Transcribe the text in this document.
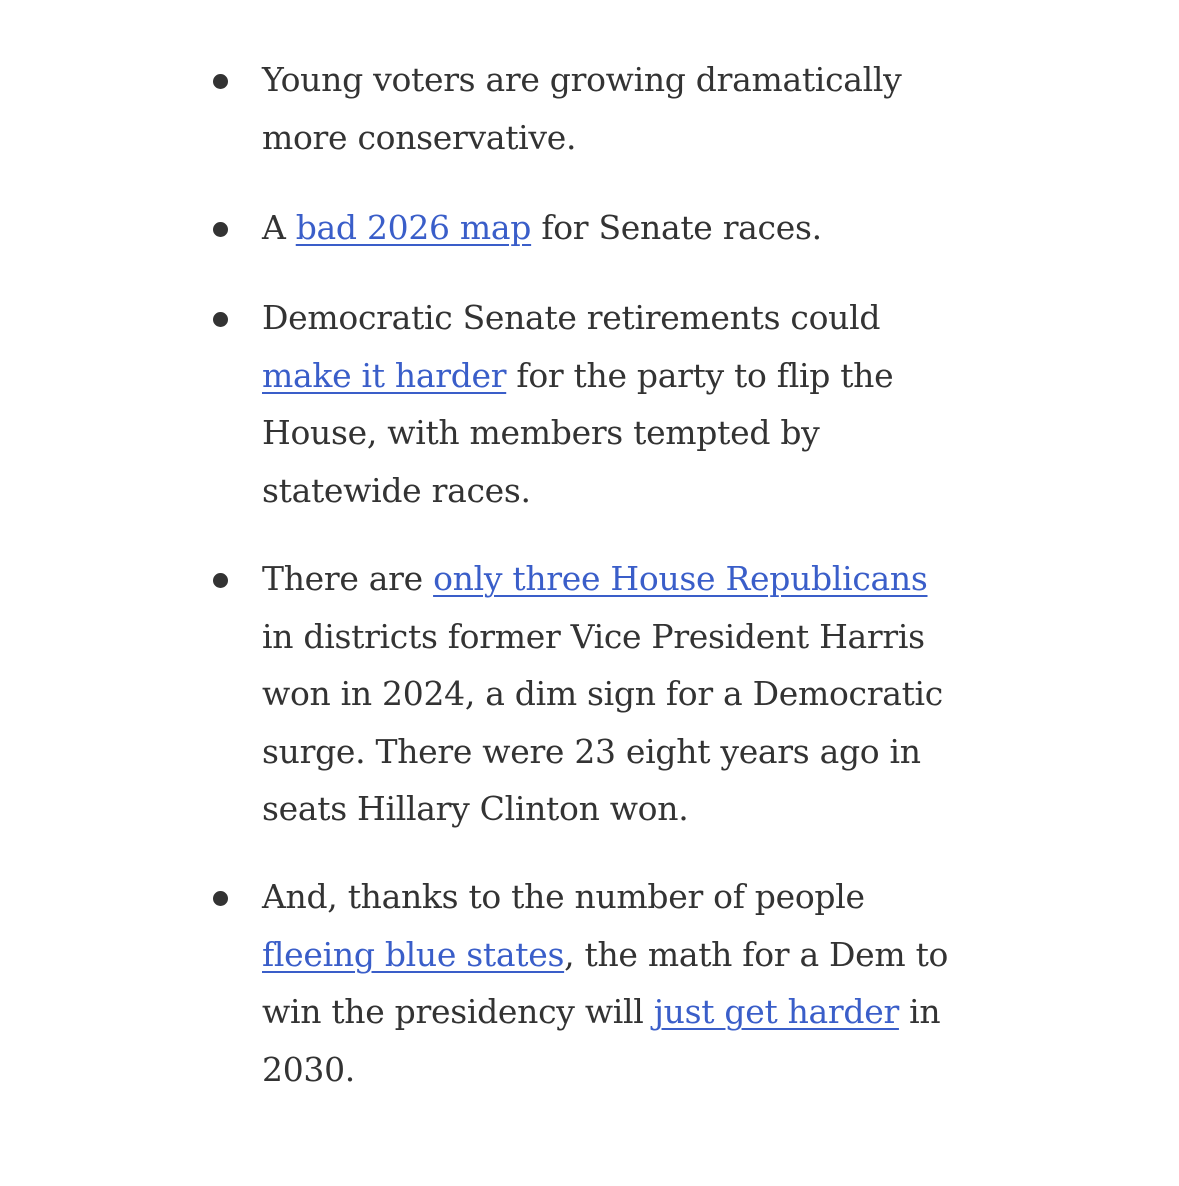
Young voters are growing dramatically more conservative.
A bad 2026 map for Senate races.
Democratic Senate retirements could make it harder for the party to flip the House, with members tempted by statewide races.
There are only three House Republicans in districts former Vice President Harris won in 2024, a dim sign for a Democratic surge. There were 23 eight years ago in seats Hillary Clinton won.
And, thanks to the number of people fleeing blue states, the math for a Dem to win the presidency will just get harder in 2030.
